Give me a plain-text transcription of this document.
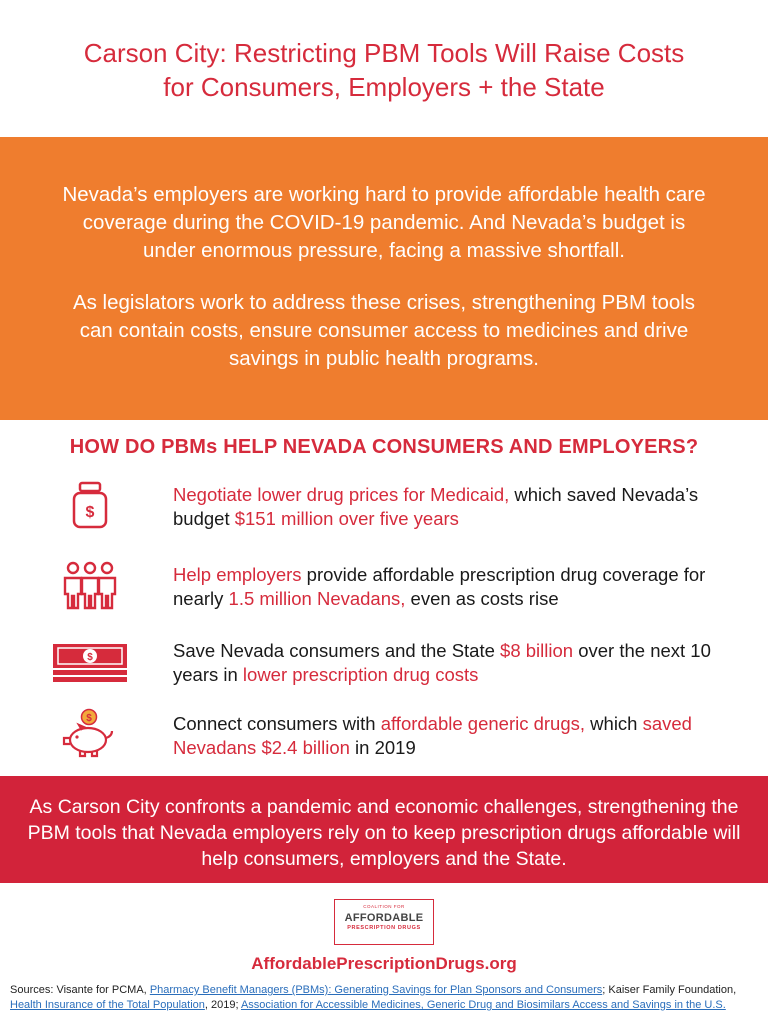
Carson City: Restricting PBM Tools Will Raise Costs
for Consumers, Employers + the State

Nevada’s employers are working hard to provide affordable health care coverage during the COVID-19 pandemic. And Nevada’s budget is under enormous pressure, facing a massive shortfall.

As legislators work to address these crises, strengthening PBM tools can contain costs, ensure consumer access to medicines and drive savings in public health programs.

HOW DO PBMs HELP NEVADA CONSUMERS AND EMPLOYERS?
$
Negotiate lower drug prices for Medicaid, which saved Nevada’s budget $151 million over five years
Help employers provide affordable prescription drug coverage for nearly 1.5 million Nevadans, even as costs rise
$	Save Nevada consumers and the State $8 billion over the next 10 years in lower prescription drug costs
$	Connect consumers with affordable generic drugs, which saved Nevadans $2.4 billion in 2019

As Carson City confronts a pandemic and economic challenges, strengthening the PBM tools that Nevada employers rely on to keep prescription drugs affordable will help consumers, employers and the State.

COALITION FOR
AFFORDABLE
PRESCRIPTION DRUGS
AffordablePrescriptionDrugs.org
Sources: Visante for PCMA, Pharmacy Benefit Managers (PBMs): Generating Savings for Plan Sponsors and Consumers; Kaiser Family Foundation, Health Insurance of the Total Population, 2019; Association for Accessible Medicines, Generic Drug and Biosimilars Access and Savings in the U.S.
